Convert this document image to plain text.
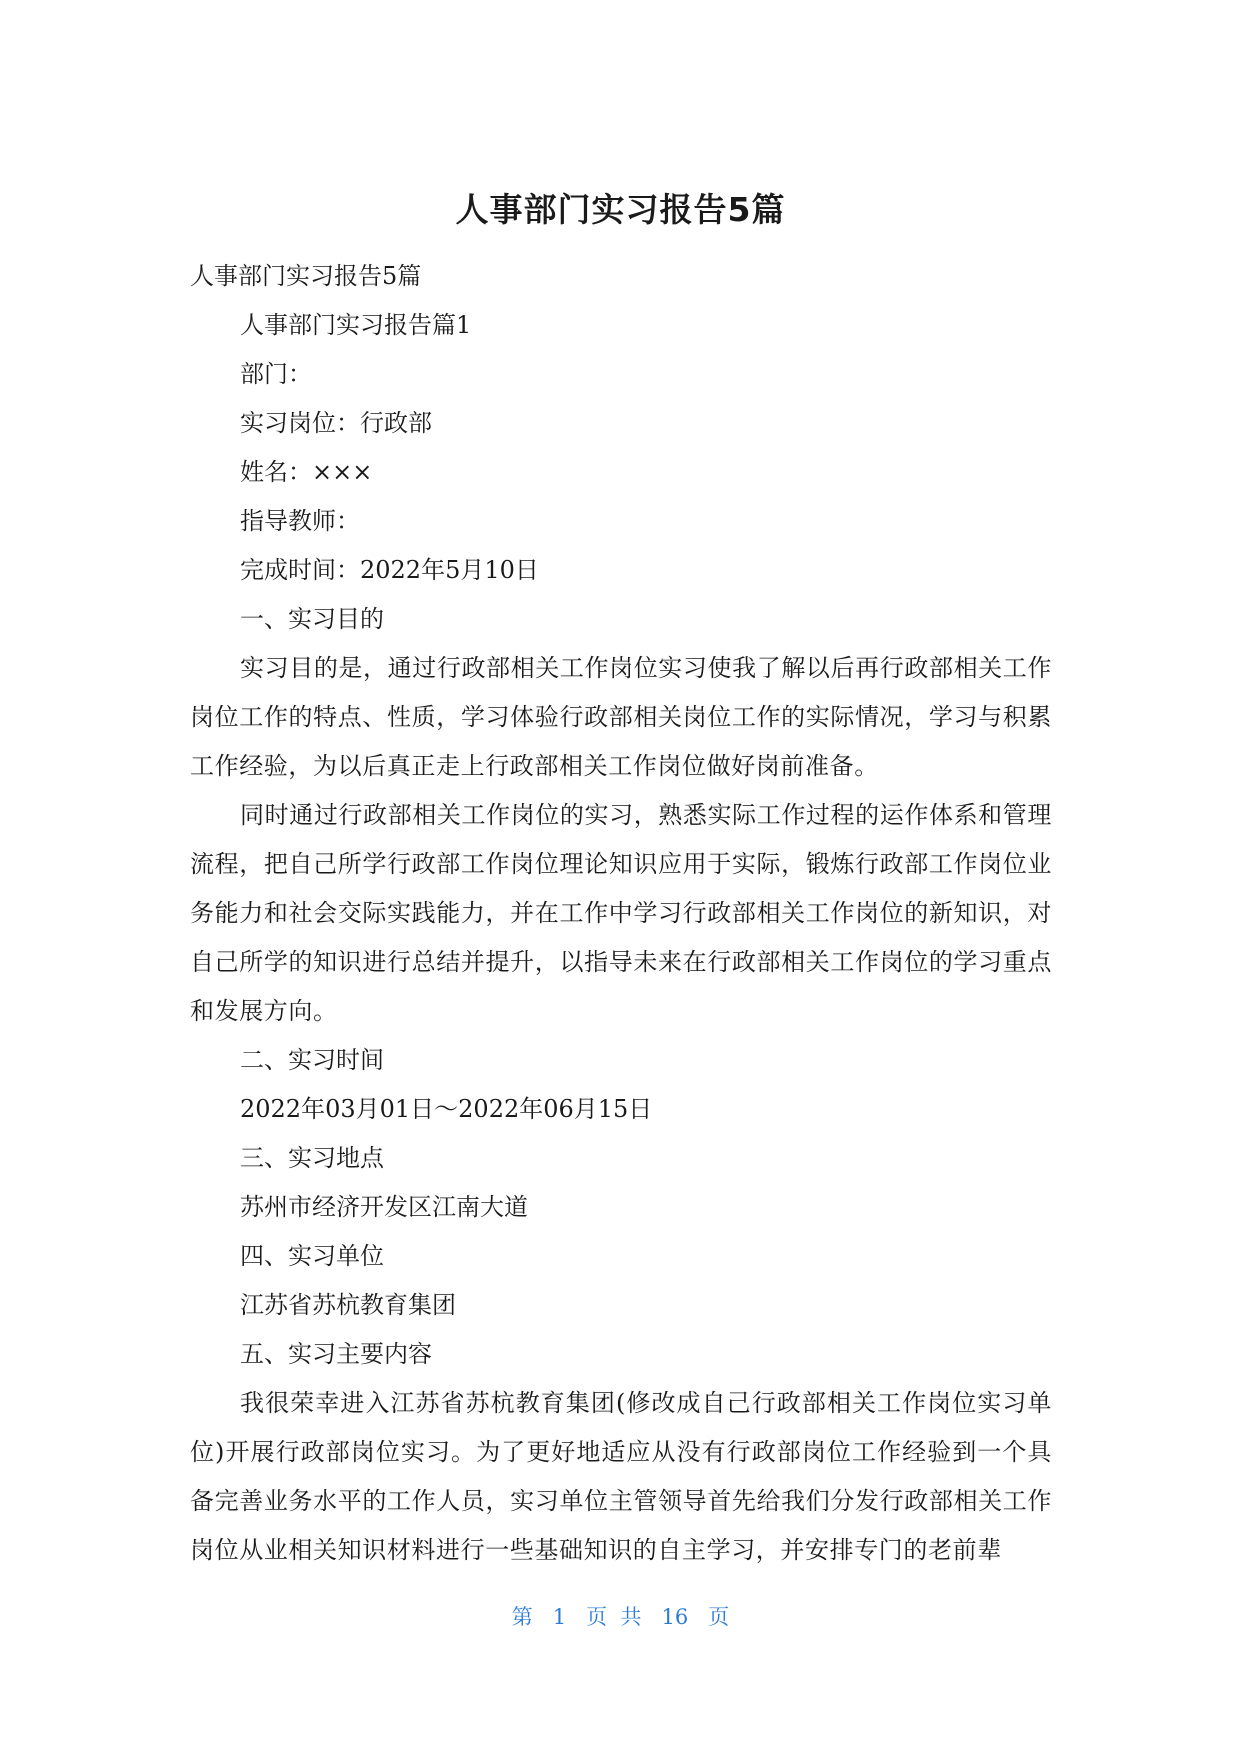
人事部门实习报告5篇

人事部门实习报告5篇

人事部门实习报告篇1

部门：

实习岗位：行政部

姓名：×××

指导教师：

完成时间：2022年5月10日

一、实习目的

实习目的是，通过行政部相关工作岗位实习使我了解以后再行政部相关工作岗位工作的特点、性质，学习体验行政部相关岗位工作的实际情况，学习与积累工作经验，为以后真正走上行政部相关工作岗位做好岗前准备。

同时通过行政部相关工作岗位的实习，熟悉实际工作过程的运作体系和管理流程，把自己所学行政部工作岗位理论知识应用于实际，锻炼行政部工作岗位业务能力和社会交际实践能力，并在工作中学习行政部相关工作岗位的新知识，对自己所学的知识进行总结并提升，以指导未来在行政部相关工作岗位的学习重点和发展方向。

二、实习时间

2022年03月01日～2022年06月15日

三、实习地点

苏州市经济开发区江南大道

四、实习单位

江苏省苏杭教育集团

五、实习主要内容

我很荣幸进入江苏省苏杭教育集团(修改成自己行政部相关工作岗位实习单位)开展行政部岗位实习。为了更好地适应从没有行政部岗位工作经验到一个具备完善业务水平的工作人员，实习单位主管领导首先给我们分发行政部相关工作岗位从业相关知识材料进行一些基础知识的自主学习，并安排专门的老前辈

第 1 页  共 16 页
